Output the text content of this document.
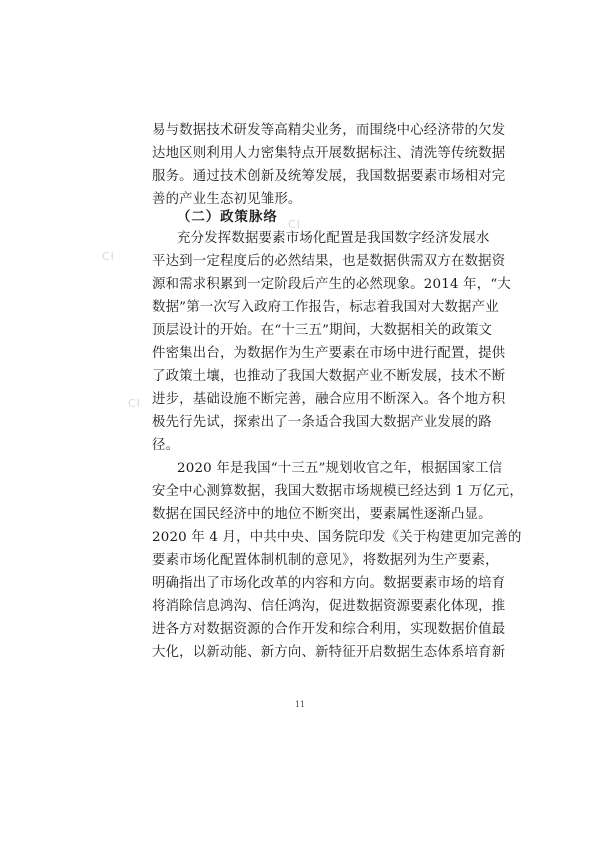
CI
CI
CI
易与数据技术研发等高精尖业务，而围绕中心经济带的欠发
达地区则利用人力密集特点开展数据标注、清洗等传统数据
服务。通过技术创新及统筹发展，我国数据要素市场相对完
善的产业生态初见雏形。
（二）政策脉络
充分发挥数据要素市场化配置是我国数字经济发展水
平达到一定程度后的必然结果，也是数据供需双方在数据资
源和需求积累到一定阶段后产生的必然现象。2014 年，“大
数据”第一次写入政府工作报告，标志着我国对大数据产业
顶层设计的开始。在“十三五”期间，大数据相关的政策文
件密集出台，为数据作为生产要素在市场中进行配置，提供
了政策土壤，也推动了我国大数据产业不断发展，技术不断
进步，基础设施不断完善，融合应用不断深入。各个地方积
极先行先试，探索出了一条适合我国大数据产业发展的路
径。
2020 年是我国“十三五”规划收官之年，根据国家工信
安全中心测算数据，我国大数据市场规模已经达到 1 万亿元，
数据在国民经济中的地位不断突出，要素属性逐渐凸显。
2020 年 4 月，中共中央、国务院印发《关于构建更加完善的
要素市场化配置体制机制的意见》，将数据列为生产要素，
明确指出了市场化改革的内容和方向。数据要素市场的培育
将消除信息鸿沟、信任鸿沟，促进数据资源要素化体现，推
进各方对数据资源的合作开发和综合利用，实现数据价值最
大化，以新动能、新方向、新特征开启数据生态体系培育新
11
